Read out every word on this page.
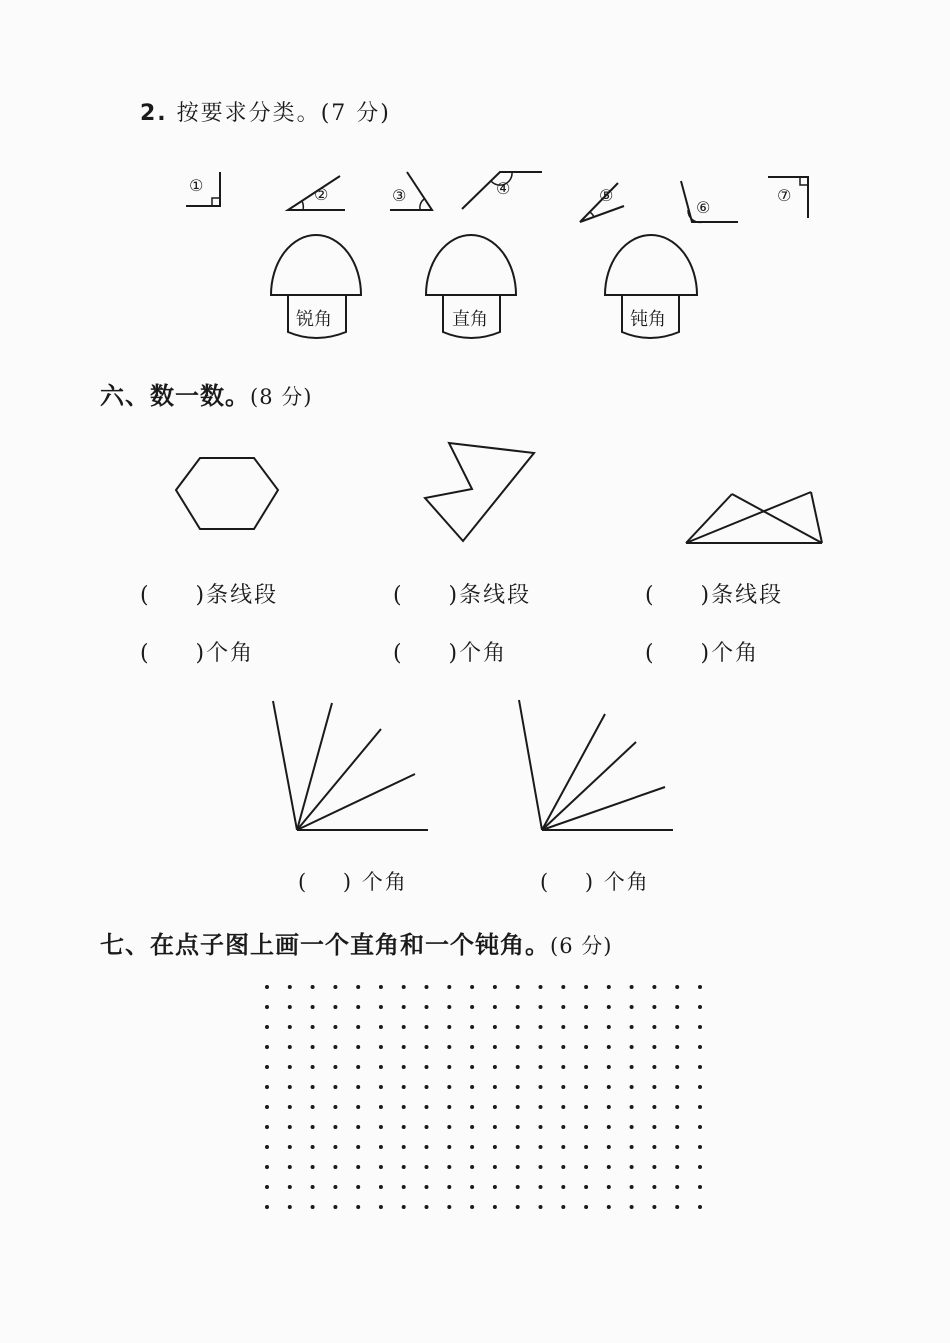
2. 按要求分类。(7 分)
①	②	③	④	⑤
⑥
⑦
锐角	直角	钝角
六、数一数。(8 分)
(     )条线段
(     )个角
(     )条线段
(     )个角
(     )条线段
(     )个角
(    ) 个角	(    ) 个角
七、在点子图上画一个直角和一个钝角。(6 分)
